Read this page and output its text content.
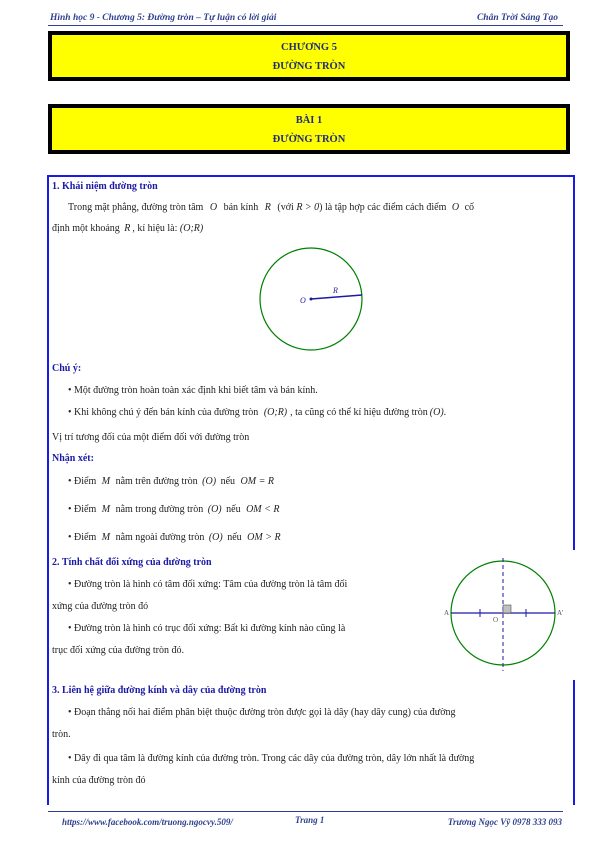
Hình học 9 - Chương 5: Đường tròn – Tự luận có lời giải	Chân Trời Sáng Tạo
CHƯƠNG 5
ĐƯỜNG TRÒN
BÀI 1
ĐƯỜNG TRÒN
1. Khái niệm đường tròn
Trong mặt phẳng, đường tròn tâm O bán kính R (với R > 0) là tập hợp các điểm cách điểm O cố
định một khoảng R , kí hiệu là: (O;R)
O
R
Chú ý:
• Một đường tròn hoàn toàn xác định khi biết tâm và bán kính.
• Khi không chú ý đến bán kính của đường tròn (O;R) , ta cũng có thể kí hiệu đường tròn (O).
Vị trí tương đối của một điểm đối với đường tròn
Nhận xét:
• Điểm M nằm trên đường tròn (O) nếu OM = R
• Điểm M nằm trong đường tròn (O) nếu OM < R
• Điểm M nằm ngoài đường tròn (O) nếu OM > R
2. Tính chất đối xứng của đường tròn
• Đường tròn là hình có tâm đối xứng: Tâm của đường tròn là tâm đối
xứng của đường tròn đó
• Đường tròn là hình có trục đối xứng: Bất kì đường kính nào cũng là
trục đối xứng của đường tròn đó.
A	A'
O
3. Liên hệ giữa đường kính và dây của đường tròn
• Đoạn thẳng nối hai điểm phân biệt thuộc đường tròn được gọi là dây (hay dây cung) của đường
tròn.
• Dây đi qua tâm là đường kính của đường tròn. Trong các dây của đường tròn, dây lớn nhất là đường
kính của đường tròn đó
https://www.facebook.com/truong.ngocvy.509/	Trang 1	Trương Ngọc Vỹ 0978 333 093
